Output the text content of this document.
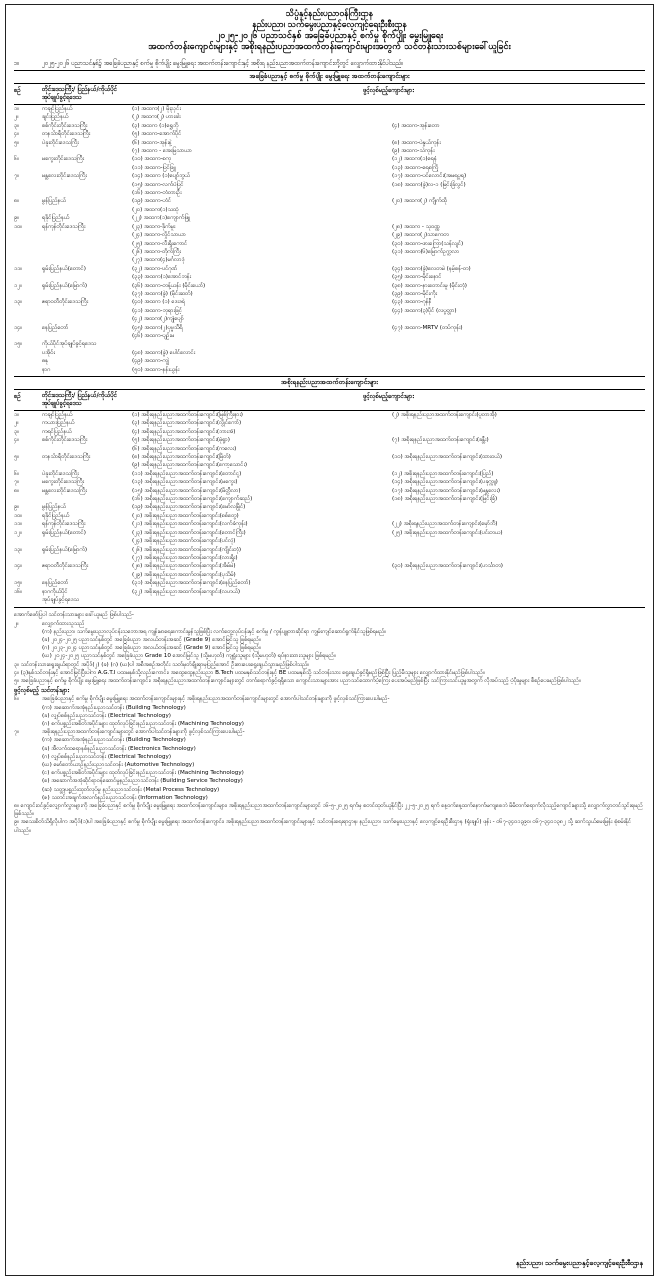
သိပ္ပံနှင့်နည်းပညာဝန်ကြီးဌာန
နည်းပညာ၊ သက်မွေးပညာနှင့်လေ့ကျင့်ရေးဦးစီးဌာန
၂၀၂၅-၂၀၂၆ ပညာသင်နှစ် အခြေခံပညာနှင့် စက်မှု စိုက်ပျိုး မွေးမြူရေး
အထက်တန်းကျောင်းများနှင့် အစိုးရနည်းပညာအထက်တန်းကျောင်းများအတွက် သင်တန်းသားသစ်များခေါ်ယူခြင်း
၁။	၂၀၂၅-၂၀၂၆ ပညာသင်နှစ်၌ အခြေခံပညာနှင့် စက်မှု စိုက်ပျိုး မွေးမြူရေး အထက်တန်းကျောင်းနှင့် အစိုးရ နည်းပညာအထက်တန်းကျောင်းတို့တွင် လျှောက်ထားနိုင်ပါသည်။
အခြေခံပညာနှင့် စက်မှု စိုက်ပျိုး မွေးမြူရေး အထက်တန်းကျောင်းများ
စဉ်	တိုင်းဒေသကြီး/ ပြည်နယ်/ကိုယ်ပိုင် အုပ်ချုပ်ခွင့်ရဒေသ
ဖွင့်လှစ်မည့်ကျောင်းများ
၁။	ကချင်ပြည်နယ်	(၁) အထက(၂) မိုးညှင်း
၂။	ချင်းပြည်နယ်	(၂) အထက(၂) ဟားခါး
၃။	စစ်ကိုင်းတိုင်းဒေသကြီး	(၃) အထက (၁)ရွှေဘို	(၄) အထက-အုန်းတော
၄။	တနင်္သာရီတိုင်းဒေသကြီး	(၅) အထက-အောက်ပိုင်
၅။	ပဲခူးတိုင်းဒေသကြီး	(၆) အထက-အုန်းနဲ့	(၈) အထက-ပဲနွယ်ကုန်း
(၇) အထက - အေးမြသာယာ	(၉) အထက-သဲကုန်း
၆။	မကွေးတိုင်းဒေသကြီး	(၁၀) အထက-စကု	(၁၂) အထက(၁)ရေနံ
(၁၁) အထက-ပြင်ဖြူ	(၁၃) အထက-ရေစကြို
၇။	မန္တလေးတိုင်းဒေသကြီး	(၁၄) အထက (၁)ပျော်ဘွယ်	(၁၇) အထက-ပင်လောင်း(အမရပူရ)
(၁၅) အထက-လက်ပံပြင်	(၁၈) အထက(ခွဲ)လ-၁ (မြင်းခြံလွင်)
(၁၆) အထက-တံတားဦး
၈။	မွန်ပြည်နယ်	(၁၉) အထက-ဟံင်	(၂၀) အထက(၂) ကျိုက်ထို
(၂၀) အထက(၁)သထုံ
၉။	ရခိုင်ပြည်နယ်	(၂၂) အထက(၁)ကျောက်ဖြူ
၁၀။	ရန်ကုန်တိုင်းဒေသကြီး	(၂၃) အထက-ခိုက်မူး	(၂၈) အထက - သုဝဏ္ဏ
(၂၄) အထက-လှိုင်သာယာ	(၂၉) အထက(၂)သာကေတ
(၂၅) အထက-လီးရှိုးကောင်	(၃၀) အထက-ဖားကြော(သန်လျင်)
(၂၆) အထက-တိုက်ကြီး	(၃၁) အထက(၆)မြောက်ဥက္ကလာ
(၂၇) အထက(၄)မင်္ဂလာဒုံ
၁၁။	ရှမ်းပြည်နယ်(တောင်)	(၃၂) အထက-ပင်ဂုဏ်	(၃၄) အထက(ခွဲ)လေတမဲ (နမ့်စန်-တ)
(၃၃) အထက(၁)အောင်ဘန်း	(၃၅) အထက-မိုင်းနောင်
၁၂။	ရှမ်းပြည်နယ်(မြောက်)	(၃၆) အထက-တန့်ယန်း (မိုင်းယော်)	(၃၈) အထက-နားတောင်းမူ (မိုင်းတုံ)
(၃၇) အထက(ခွဲ) (မိုင်းဆတ်)	(၃၉) အထက-မိုင်းကိုး
၁၃။	ဧရာဝတီတိုင်းဒေသကြီး	(၄၀) အထက (၁) ဒေးဒရဲ	(၄၃) အထက-ဂုန်နီ
(၄၁) အထက-ဘုရားဖြင့်	(၄၄) အထက(၃)ပိုင် (လပွတ္တာ)
(၄၂) အထက(၂)ကျုံပျော်
၁၄။	နေပြည်တော်	(၄၅) အထက(၂)ပုဗ္ဗသီရိ	(၄၇) အထက-MRTV (တပ်ကုန်း)
(၄၆) အထက-ပျဉ်းမ
၁၅။	ကိုယ်ပိုင်အုပ်ချုပ်ခွင့်ရဒေသ
ပအိုဝ်း	(၄၈) အထက(ခွဲ) ပေါင်လောင်း
ဓနု	(၄၉) အထက-ကျွဲ
နာဂ	(၅၀) အထက-နန်းယွန်း
အစိုးရနည်းပညာအထက်တန်းကျောင်းများ
စဉ်	တိုင်းဒေသကြီး/ ပြည်နယ်/ကိုယ်ပိုင် အုပ်ချုပ်ခွင့်ရဒေသ
ဖွင့်လှစ်မည့်ကျောင်းများ
၁။	ကချင်ပြည်နယ်	(၁) အစိုးရနည်းပညာအထက်တန်းကျောင်း(မြစ်ကြီးနား)	(၂) အစိုးရနည်းပညာအထက်တန်းကျောင်း(ပူတာအို)
၂။	ကယားပြည်နယ်	(၃) အစိုးရနည်းပညာအထက်တန်းကျောင်း(လွိုင်ကော်)
၃။	ကရင်ပြည်နယ်	(၄) အစိုးရနည်းပညာအထက်တန်းကျောင်း(ဘားအံ)
၄။	စစ်ကိုင်းတိုင်းဒေသကြီး	(၅) အစိုးရနည်းပညာအထက်တန်းကျောင်း(မုံရွာ)	(၇) အစိုးရနည်းပညာအထက်တန်းကျောင်း(ခန္တီး)
(၆) အစိုးရနည်းပညာအထက်တန်းကျောင်း(ကလေး)
၅။	တနင်္သာရီတိုင်းဒေသကြီး	(၈) အစိုးရနည်းပညာအထက်တန်းကျောင်း(မြိတ်)	(၁၀) အစိုးရနည်းပညာအထက်တန်းကျောင်း(ထားဝယ်)
(၉) အစိုးရနည်းပညာအထက်တန်းကျောင်း(ကော့သောင်း)
၆။	ပဲခူးတိုင်းဒေသကြီး	(၁၁) အစိုးရနည်းပညာအထက်တန်းကျောင်း(တောင်ငူ)	(၁၂) အစိုးရနည်းပညာအထက်တန်းကျောင်း(ပြည်)
၇။	မကွေးတိုင်းဒေသကြီး	(၁၃) အစိုးရနည်းပညာအထက်တန်းကျောင်း(မကွေး)	(၁၄) အစိုးရနည်းပညာအထက်တန်းကျောင်း(ပခုက္ကူ)
၈။	မန္တလေးတိုင်းဒေသကြီး	(၁၅) အစိုးရနည်းပညာအထက်တန်းကျောင်း(မိတ္ထီလာ)	(၁၇) အစိုးရနည်းပညာအထက်တန်းကျောင်း(မန္တလေး)
(၁၆) အစိုးရနည်းပညာအထက်တန်းကျောင်း(ကျောက်ဆည်)	(၁၈) အစိုးရနည်းပညာအထက်တန်းကျောင်း(မြင်းခြံ)
၉။	မွန်ပြည်နယ်	(၁၉) အစိုးရနည်းပညာအထက်တန်းကျောင်း(မော်လမြိုင်)
၁၀။	ရခိုင်ပြည်နယ်	(၂၀) အစိုးရနည်းပညာအထက်တန်းကျောင်း(စစ်တွေ)
၁၁။	ရန်ကုန်တိုင်းဒေသကြီး	(၂၁) အစိုးရနည်းပညာအထက်တန်းကျောင်း(လက်ခံကုန်း)	(၂၂) အစိုးရနည်းပညာအထက်တန်းကျောင်း(မှော်ဘီ)
၁၂။	ရှမ်းပြည်နယ်(တောင်)	(၂၃) အစိုးရနည်းပညာအထက်တန်းကျောင်း(တောင်ကြီး)	(၂၅) အစိုးရနည်းပညာအထက်တန်းကျောင်း(ပင်းတယ)
(၂၄) အစိုးရနည်းပညာအထက်တန်းကျောင်း(ပင်လုံ)
၁၃။	ရှမ်းပြည်နယ်(မြောက်)	(၂၆) အစိုးရနည်းပညာအထက်တန်းကျောင်း(ကျိုင်းတုံ)
(၂၇) အစိုးရနည်းပညာအထက်တန်းကျောင်း(လားရှိုး)
၁၄။	ဧရာဝတီတိုင်းဒေသကြီး	(၂၈) အစိုးရနည်းပညာအထက်တန်းကျောင်း(အိမ်မဲ)	(၃၀) အစိုးရနည်းပညာအထက်တန်းကျောင်း(ဟင်္သာတ)
(၂၉) အစိုးရနည်းပညာအထက်တန်းကျောင်း(ပုသိမ်)
၁၅။	နေပြည်တော်	(၃၁) အစိုးရနည်းပညာအထက်တန်းကျောင်း(နေပြည်တော်)
၁၆။	နာဂကိုယ်ပိုင်	(၃၂) အစိုးရနည်းပညာအထက်တန်းကျောင်း(လဟယ်)
အုပ်ချုပ်ခွင့်ရဒေသ
အောက်ဖော်ပြပါ သင်တန်းသားများ ခေါ်ယူမည် ဖြစ်ပါသည်-
၂။	လျှောက်ထားသူသည်
(က) နည်းပညာ၊ သက်မွေးပညာလုပ်ငန်းသဘောအရ ကျန်းမာရေးကောင်းမွန်သူဖြစ်ပြီး လက်တွေ့လုပ်ငန်းနှင့် စက်မှု / ကွန်ပျူတာဆိုင်ရာ ကျွမ်းကျင်ဆောင်ရွက်နိုင်သူဖြစ်ရမည်။
(ခ) ၂၀၂၄-၂၀၂၅ ပညာသင်နှစ်တွင် အခြေခံပညာ အလယ်တန်းအဆင့် (Grade 9) အောင်မြင်သူ ဖြစ်ရမည်။
(ဂ) ၂၀၂၃-၂၀၂၄ ပညာသင်နှစ်တွင် အခြေခံပညာ အလယ်တန်းအဆင့် (Grade 9) အောင်မြင်သူ ဖြစ်ရမည်။
(ဃ) ၂၀၂၄-၂၀၂၅ ပညာသင်နှစ်တွင် အခြေခံပညာ Grade 10 အောင်မြင်သူ (သို့မဟုတ်) ကျရှုံးသူများ (သို့မဟုတ်) ရပ်နားထားသူများ ဖြစ်ရမည်။
၃။ သင်တန်းသားရွေးချယ်ရာတွင် အပိုဒ်(၂) (ခ) (ဂ) (ဃ)ပါ အစီအစဉ်အတိုင်း သတ်မှတ်ချိုးရာမှပြည့်အောင် ဦးစားပေးရွေးချယ်သွားမည်ဖြစ်ပါသည်။
၄။ (၃)နှစ်သင်တန်းနှင့် အောင်မြင်ပြီးပါက A.G.T.I ပထမနှစ်သို့လည်းကောင်း၊ အထွေထွေနည်းပညာ B.Tech ပထမနှစ်သင်တန်းနှင့် BE ပထမနှစ်သို့ သင်တန်းသား ရွေးချယ်ခွင့်ရှိမည်ဖြစ်ပြီး ပြည့်မီသူများ လျှောက်ထားနိုင်မည်ဖြစ်ပါသည်။
၅။ အခြေခံပညာနှင့် စက်မှု စိုက်ပျိုး မွေးမြူရေး အထက်တန်းကျောင်း၊ အစိုးရနည်းပညာအထက်တန်းကျောင်းများတွင် တက်ရောက်ခွင့်ရရှိသော ကျောင်းသားများအား ပညာသင်ထောက်ပံ့ကြေး ပေးအပ်မည်ဖြစ်ပြီး သင်ကြားသင်ယူမှုအတွက် လိုအပ်သည့် ပံ့ပိုးမှုများ စီစဉ်ပေးမည်ဖြစ်ပါသည်။
ဖွင့်လှစ်မည့် သင်တန်းများ
၆။	အခြေခံပညာနှင့် စက်မှု စိုက်ပျိုး မွေးမြူရေး အထက်တန်းကျောင်းများနှင့် အစိုးရနည်းပညာအထက်တန်းကျောင်းများတွင် အောက်ပါသင်တန်းများကို ဖွင့်လှစ်သင်ကြားပေးပါမည်-
(က) အဆောက်အအုံနည်းပညာသင်တန်း (Building Technology)
(ခ) လျှပ်စစ်နည်းပညာသင်တန်း (Electrical Technology)
(ဂ) စက်ပစ္စည်းအစိတ်အပိုင်းများ ထုတ်လုပ်ခြင်းနည်းပညာသင်တန်း (Machining Technology)
၇။	အစိုးရနည်းပညာအထက်တန်းကျောင်းများတွင် အောက်ပါသင်တန်းများကို ဖွင့်လှစ်သင်ကြားပေးပါမည်-
(က) အဆောက်အအုံနည်းပညာသင်တန်း (Building Technology)
(ခ) အီလက်ထရောနစ်နည်းပညာသင်တန်း (Electronics Technology)
(ဂ) လျှပ်စစ်နည်းပညာသင်တန်း (Electrical Technology)
(ဃ) မော်တော်ယာဉ်နည်းပညာသင်တန်း (Automotive Technology)
(င) စက်ပစ္စည်းအစိတ်အပိုင်းများ ထုတ်လုပ်ခြင်းနည်းပညာသင်တန်း (Machining Technology)
(စ) အဆောက်အအုံဆိုင်ရာဝန်ဆောင်မှုနည်းပညာသင်တန်း (Building Service Technology)
(ဆ) သတ္တုပစ္စည်းထုတ်လုပ်မှု နည်းပညာသင်တန်း (Metal Process Technology)
(ဇ) သတင်းအချက်အလက်နည်းပညာသင်တန်း (Information Technology)
၈။ ကျောင်းဝင်ခွင့်လျှောက်လွှာများကို အခြေခံပညာနှင့် စက်မှု စိုက်ပျိုး မွေးမြူရေး အထက်တန်းကျောင်းများ၊ အစိုးရနည်းပညာအထက်တန်းကျောင်းများတွင် ၁၆-၅-၂၀၂၅ ရက်မှ စတင်ထုတ်ယူနိုင်ပြီး ၂၂-၅-၂၀၂၅ ရက် နေ့ဝက်နေ့ထက်နောက်မကျစေဘဲ မိမိတက်ရောက်လိုသည့်ကျောင်းများသို့ လျှောက်လွှာတင်သွင်းရမည်ဖြစ်သည်။
၉။ အသေးစိတ်သိရှိလိုပါက အပိုဒ်(၁)ပါ အခြေခံပညာနှင့် စက်မှု စိုက်ပျိုး မွေးမြူရေး အထက်တန်းကျောင်း၊ အစိုးရနည်းပညာအထက်တန်းကျောင်းများနှင့် သင်တန်းရေးရာဌာန၊ နည်းပညာ၊ သက်မွေးပညာနှင့် လေ့ကျင့်ရေးဦးစီးဌာန (ရုံးချုပ်) ဖုန်း - ၀၆၇-၃၄၀၁၃၉၀၊ ၀၆၇-၃၄၀၁၃၈၂ သို့ ဆက်သွယ်မေးမြန်း စုံစမ်းနိုင်ပါသည်။
နည်းပညာ၊ သက်မွေးပညာနှင့်လေ့ကျင့်ရေးဦးစီးဌာန
